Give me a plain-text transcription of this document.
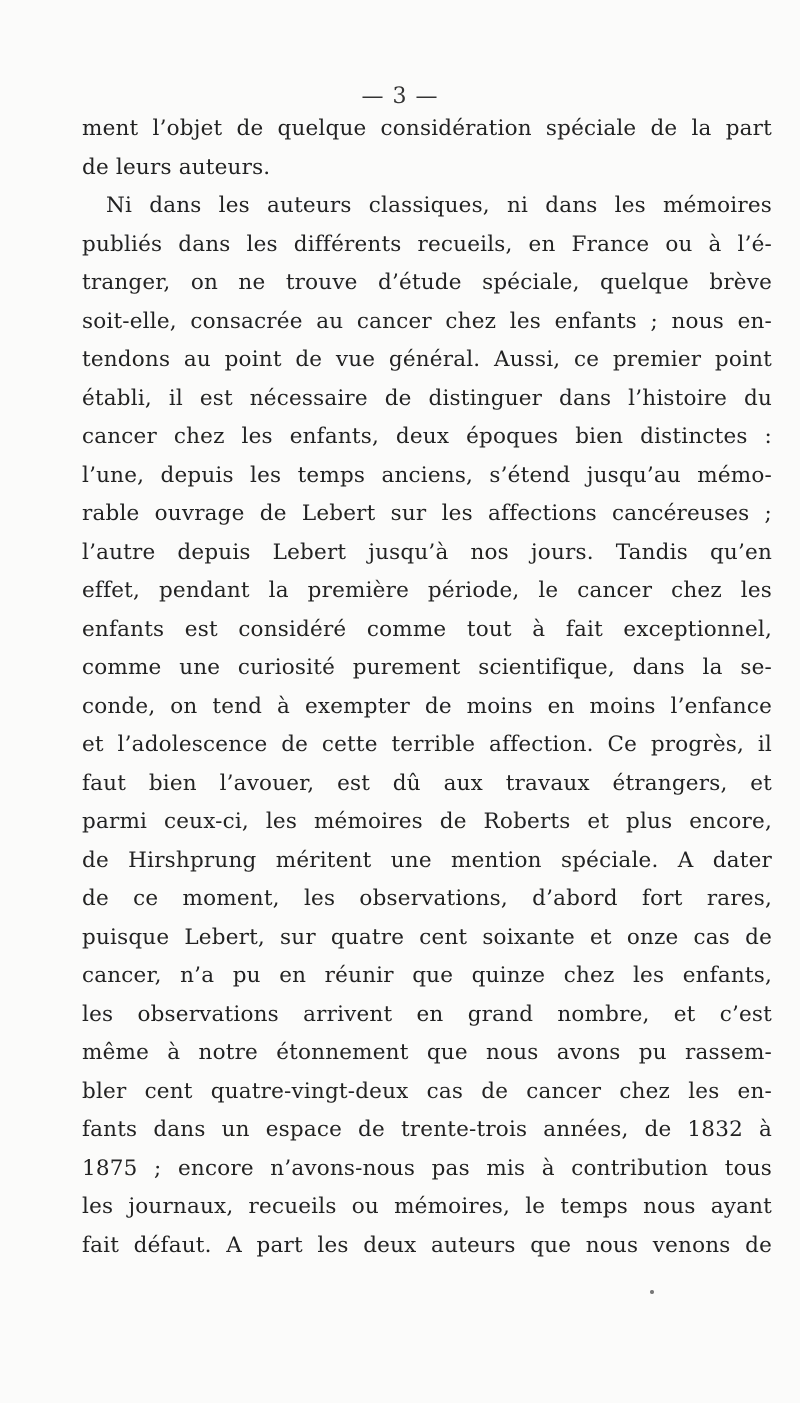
— 3 —
ment l’objet de quelque considération spéciale de la part
de leurs auteurs.
Ni dans les auteurs classiques, ni dans les mémoires
publiés dans les différents recueils, en France ou à l’é-
tranger, on ne trouve d’étude spéciale, quelque brève
soit-elle, consacrée au cancer chez les enfants ; nous en-
tendons au point de vue général. Aussi, ce premier point
établi, il est nécessaire de distinguer dans l’histoire du
cancer chez les enfants, deux époques bien distinctes :
l’une, depuis les temps anciens, s’étend jusqu’au mémo-
rable ouvrage de Lebert sur les affections cancéreuses ;
l’autre depuis Lebert jusqu’à nos jours. Tandis qu’en
effet, pendant la première période, le cancer chez les
enfants est considéré comme tout à fait exceptionnel,
comme une curiosité purement scientifique, dans la se-
conde, on tend à exempter de moins en moins l’enfance
et l’adolescence de cette terrible affection. Ce progrès, il
faut bien l’avouer, est dû aux travaux étrangers, et
parmi ceux-ci, les mémoires de Roberts et plus encore,
de Hirshprung méritent une mention spéciale. A dater
de ce moment, les observations, d’abord fort rares,
puisque Lebert, sur quatre cent soixante et onze cas de
cancer, n’a pu en réunir que quinze chez les enfants,
les observations arrivent en grand nombre, et c’est
même à notre étonnement que nous avons pu rassem-
bler cent quatre-vingt-deux cas de cancer chez les en-
fants dans un espace de trente-trois années, de 1832 à
1875 ; encore n’avons-nous pas mis à contribution tous
les journaux, recueils ou mémoires, le temps nous ayant
fait défaut. A part les deux auteurs que nous venons de
